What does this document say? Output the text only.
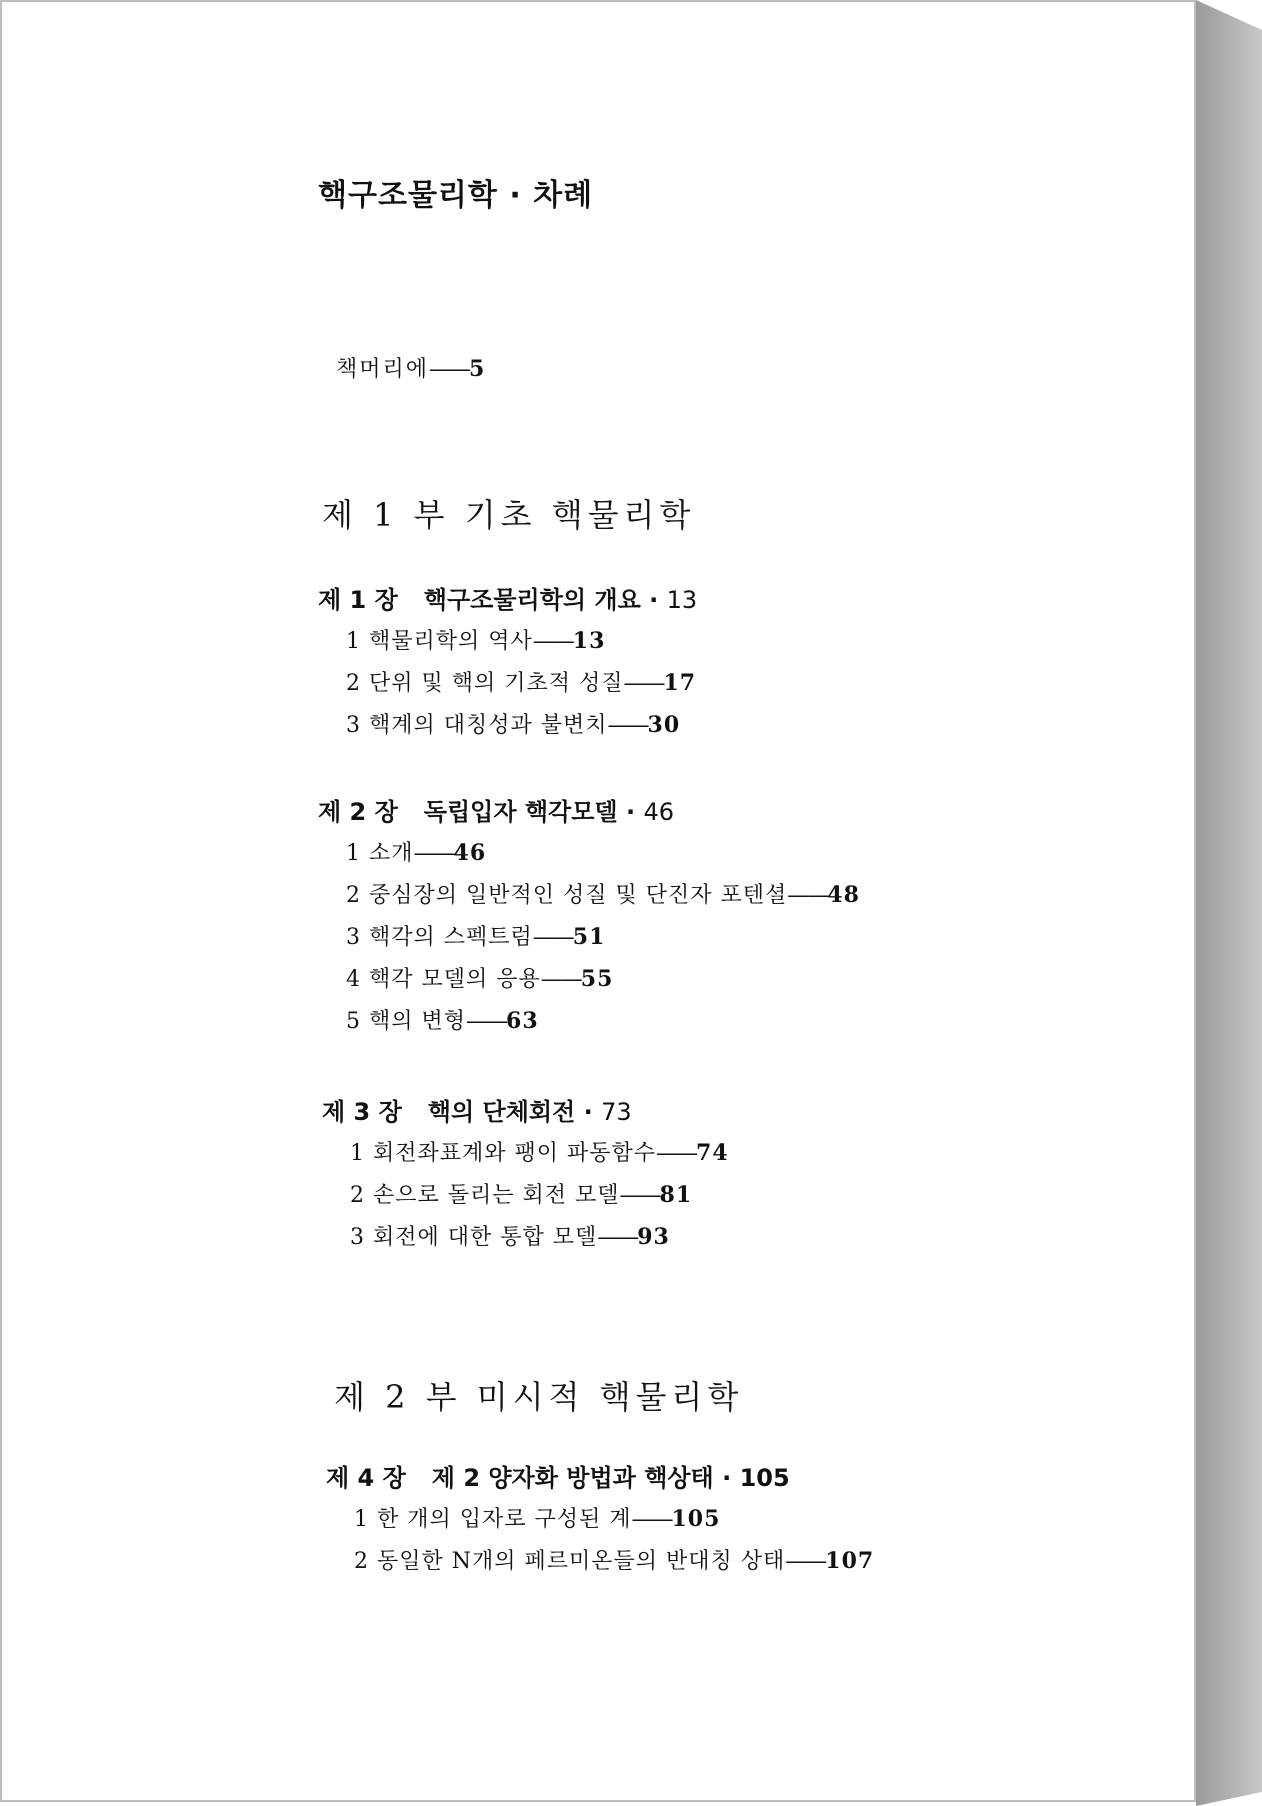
핵구조물리학 · 차례
책머리에——5
제 1 부 기초 핵물리학
제 1 장 핵구조물리학의 개요 · 13
1 핵물리학의 역사——13
2 단위 및 핵의 기초적 성질——17
3 핵계의 대칭성과 불변치——30
제 2 장 독립입자 핵각모델 · 46
1 소개——46
2 중심장의 일반적인 성질 및 단진자 포텐셜——48
3 핵각의 스펙트럼——51
4 핵각 모델의 응용——55
5 핵의 변형——63
제 3 장 핵의 단체회전 · 73
1 회전좌표계와 팽이 파동함수——74
2 손으로 돌리는 회전 모델——81
3 회전에 대한 통합 모델——93
제 2 부 미시적 핵물리학
제 4 장 제 2 양자화 방법과 핵상태 · 105
1 한 개의 입자로 구성된 계——105
2 동일한 N개의 페르미온들의 반대칭 상태——107
